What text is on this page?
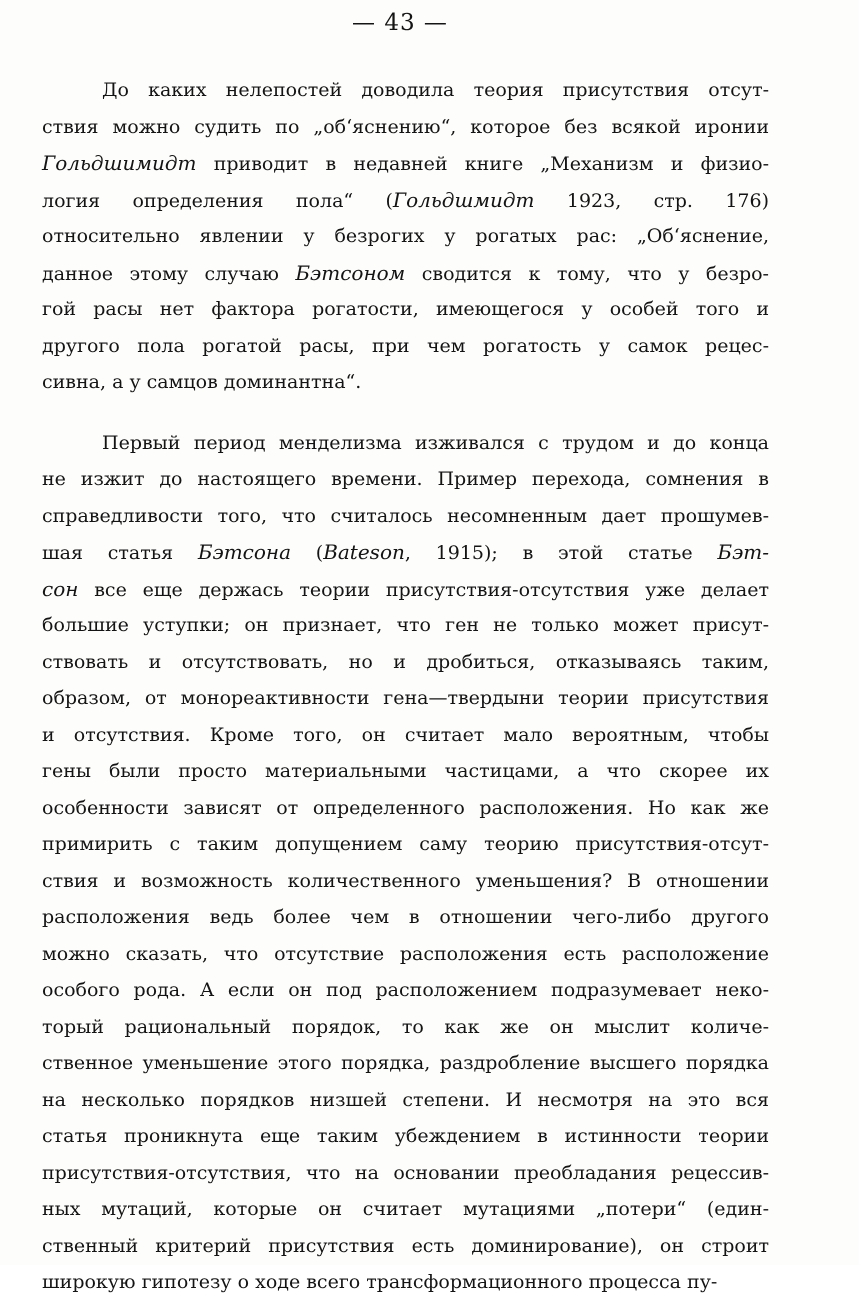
— 43 —

До каких нелепостей доводила теория присутствия отсут-
ствия можно судить по „об‘яснению“, которое без всякой иронии
Гольдшимидт приводит в недавней книге „Механизм и физио-
логия определения пола“ (Гольдшмидт 1923, стр. 176)
относительно явлении у безрогих у рогатых рас: „Об‘яснение,
данное этому случаю Бэтсоном сводится к тому, что у безро-
гой расы нет фактора рогатости, имеющегося у особей того и
другого пола рогатой расы, при чем рогатость у самок рецес-
сивна, а у самцов доминантна“.

Первый период менделизма изживался с трудом и до конца
не изжит до настоящего времени. Пример перехода, сомнения в
справедливости того, что считалось несомненным дает прошумев-
шая статья Бэтсона (Bateson, 1915); в этой статье Бэт-
сон все еще держась теории присутствия-отсутствия уже делает
большие уступки; он признает, что ген не только может присут-
ствовать и отсутствовать, но и дробиться, отказываясь таким,
образом, от монореактивности гена—твердыни теории присутствия
и отсутствия. Кроме того, он считает мало вероятным, чтобы
гены были просто материальными частицами, а что скорее их
особенности зависят от определенного расположения. Но как же
примирить с таким допущением саму теорию присутствия-отсут-
ствия и возможность количественного уменьшения? В отношении
расположения ведь более чем в отношении чего-либо другого
можно сказать, что отсутствие расположения есть расположение
особого рода. А если он под расположением подразумевает неко-
торый рациональный порядок, то как же он мыслит количе-
ственное уменьшение этого порядка, раздробление высшего порядка
на несколько порядков низшей степени. И несмотря на это вся
статья проникнута еще таким убеждением в истинности теории
присутствия-отсутствия, что на основании преобладания рецессив-
ных мутаций, которые он считает мутациями „потери“ (един-
ственный критерий присутствия есть доминирование), он строит
широкую гипотезу о ходе всего трансформационного процесса пу-
